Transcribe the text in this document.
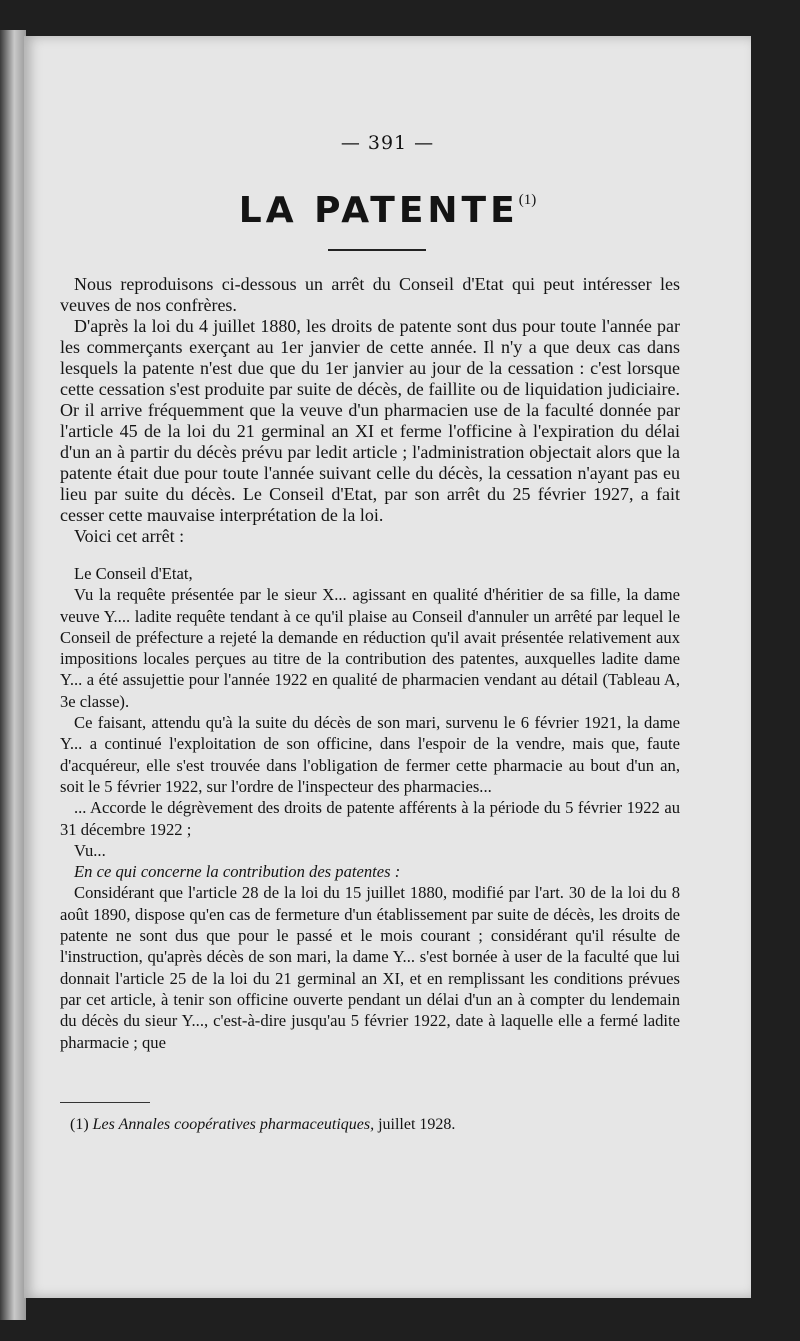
— 391 —
LA PATENTE$^{(1)}$

Nous reproduisons ci-dessous un arrêt du Conseil d'Etat qui peut intéresser les veuves de nos confrères.

D'après la loi du 4 juillet 1880, les droits de patente sont dus pour toute l'année par les commerçants exerçant au 1er janvier de cette année. Il n'y a que deux cas dans lesquels la patente n'est due que du 1er janvier au jour de la cessation : c'est lorsque cette cessation s'est produite par suite de décès, de faillite ou de liquidation judiciaire. Or il arrive fréquemment que la veuve d'un pharmacien use de la faculté donnée par l'article 45 de la loi du 21 germinal an XI et ferme l'officine à l'expiration du délai d'un an à partir du décès prévu par ledit article ; l'administration objectait alors que la patente était due pour toute l'année suivant celle du décès, la cessation n'ayant pas eu lieu par suite du décès. Le Conseil d'Etat, par son arrêt du 25 février 1927, a fait cesser cette mauvaise interprétation de la loi.

Voici cet arrêt :

Le Conseil d'Etat,

Vu la requête présentée par le sieur X... agissant en qualité d'héritier de sa fille, la dame veuve Y.... ladite requête tendant à ce qu'il plaise au Conseil d'annuler un arrêté par lequel le Conseil de préfecture a rejeté la demande en réduction qu'il avait présentée relativement aux impositions locales perçues au titre de la contribution des patentes, auxquelles ladite dame Y... a été assujettie pour l'année 1922 en qualité de pharmacien vendant au détail (Tableau A, 3e classe).

Ce faisant, attendu qu'à la suite du décès de son mari, survenu le 6 février 1921, la dame Y... a continué l'exploitation de son officine, dans l'espoir de la vendre, mais que, faute d'acquéreur, elle s'est trouvée dans l'obligation de fermer cette pharmacie au bout d'un an, soit le 5 février 1922, sur l'ordre de l'inspecteur des pharmacies...

... Accorde le dégrèvement des droits de patente afférents à la période du 5 février 1922 au 31 décembre 1922 ;

Vu...

En ce qui concerne la contribution des patentes :

Considérant que l'article 28 de la loi du 15 juillet 1880, modifié par l'art. 30 de la loi du 8 août 1890, dispose qu'en cas de fermeture d'un établissement par suite de décès, les droits de patente ne sont dus que pour le passé et le mois courant ; considérant qu'il résulte de l'instruction, qu'après décès de son mari, la dame Y... s'est bornée à user de la faculté que lui donnait l'article 25 de la loi du 21 germinal an XI, et en remplissant les conditions prévues par cet article, à tenir son officine ouverte pendant un délai d'un an à compter du lendemain du décès du sieur Y..., c'est-à-dire jusqu'au 5 février 1922, date à laquelle elle a fermé ladite pharmacie ; que

(1) Les Annales coopératives pharmaceutiques, juillet 1928.
